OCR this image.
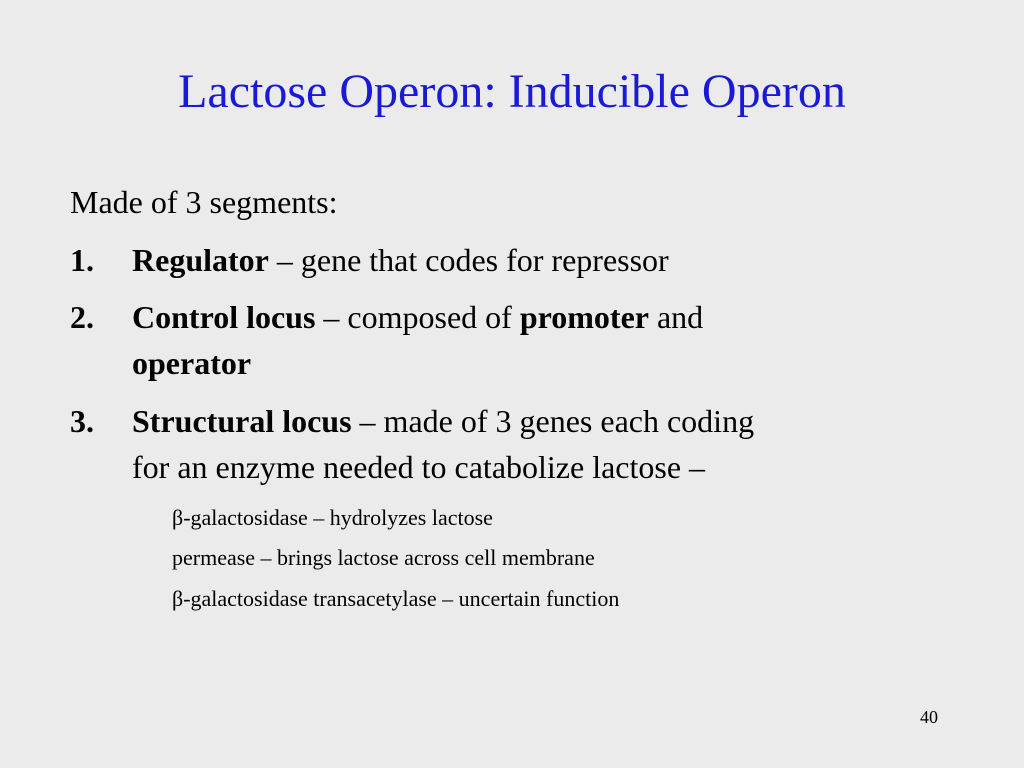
Lactose Operon: Inducible Operon
Made of 3 segments:
1. Regulator – gene that codes for repressor
2. Control locus – composed of promoter and
operator
3. Structural locus – made of 3 genes each coding
for an enzyme needed to catabolize lactose –
β-galactosidase – hydrolyzes lactose
permease – brings lactose across cell membrane
β-galactosidase transacetylase – uncertain function
40
